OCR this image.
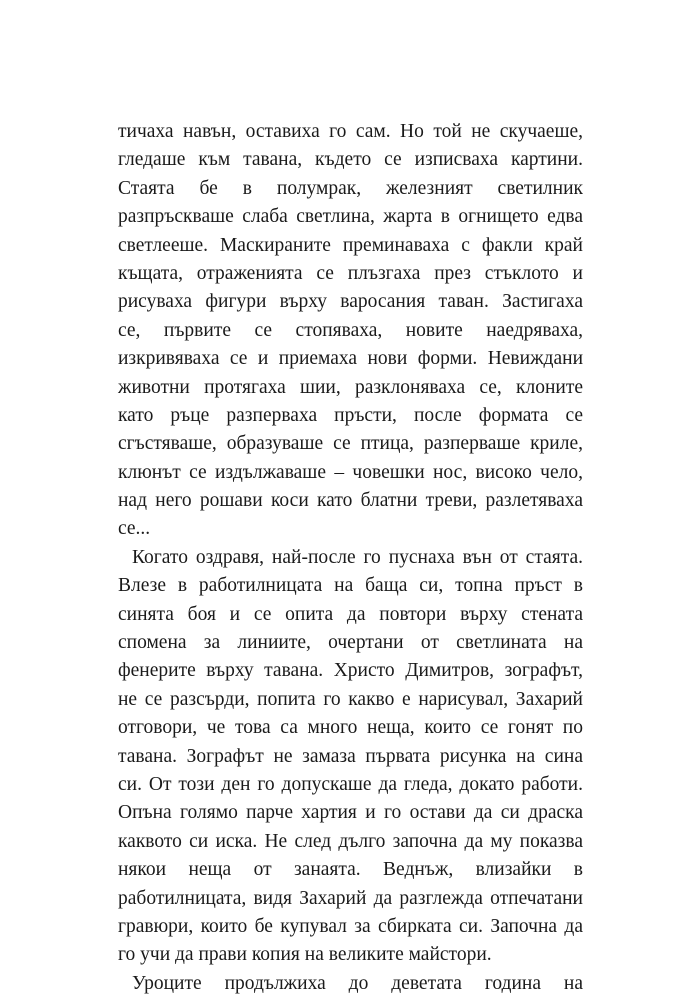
тичаха навън, оставиха го сам. Но той не скучаеше,
гледаше към тавана, където се изписваха картини.
Стаята бе в полумрак, железният светилник
разпръскваше слаба светлина, жарта в огнището едва
светлееше. Маскираните преминаваха с факли край
къщата, отраженията се плъзгаха през стъклото и
рисуваха фигури върху варосания таван. Застигаха
се, първите се стопяваха, новите наедряваха,
изкривяваха се и приемаха нови форми. Невиждани
животни протягаха шии, разклоняваха се, клоните
като ръце разперваха пръсти, после формата се
сгъстяваше, образуваше се птица, разперваше криле,
клюнът се издължаваше – човешки нос, високо чело,
над него рошави коси като блатни треви, разлетяваха
се...
Когато оздравя, най-после го пуснаха вън от стаята.
Влезе в работилницата на баща си, топна пръст в
синята боя и се опита да повтори върху стената
спомена за линиите, очертани от светлината на
фенерите върху тавана. Христо Димитров, зографът,
не се разсърди, попита го какво е нарисувал, Захарий
отговори, че това са много неща, които се гонят по
тавана. Зографът не замаза първата рисунка на сина
си. От този ден го допускаше да гледа, докато работи.
Опъна голямо парче хартия и го остави да си драска
каквото си иска. Не след дълго започна да му показва
някои неща от занаята. Веднъж, влизайки в
работилницата, видя Захарий да разглежда отпечатани
гравюри, които бе купувал за сбирката си. Започна да
го учи да прави копия на великите майстори.
Уроците продължиха до деветата година на
